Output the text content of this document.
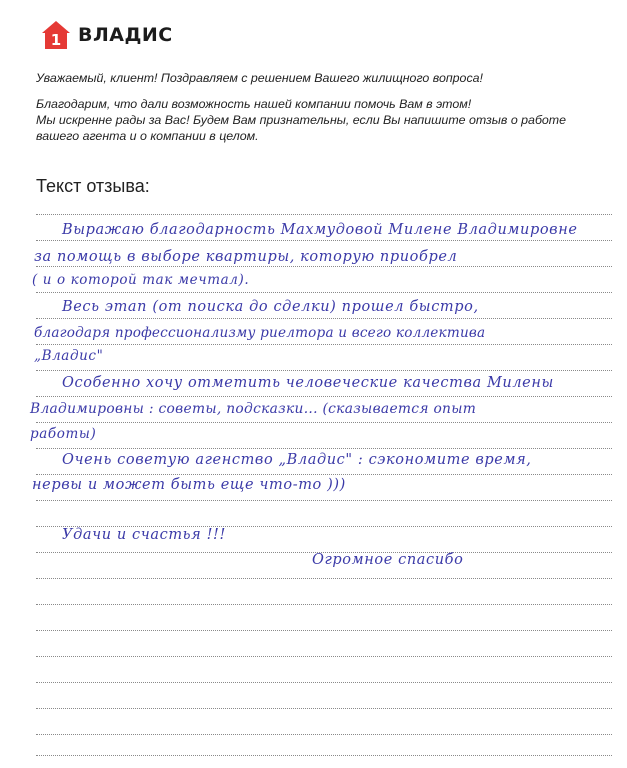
1 ВЛАДИС

Уважаемый, клиент! Поздравляем с решением Вашего жилищного вопроса!

Благодарим, что дали возможность нашей компании помочь Вам в этом!

Мы искренне рады за Вас! Будем Вам признательны, если Вы напишите отзыв о работе

вашего агента и о компании в целом.

Текст отзыва:
Выражаю благодарность Махмудовой Милене Владимировне
за помощь в выборе квартиры, которую приобрел
( и о которой так мечтал).
Весь этап (от поиска до сделки) прошел быстро,
благодаря профессионализму риелтора и всего коллектива
„Владис"
Особенно хочу отметить человеческие качества Милены
Владимировны : советы, подсказки... (сказывается опыт
работы)
Очень советую агенство „Владис" : сэкономите время,
нервы и может быть еще что-то )))
Удачи и счастья !!!
Огромное спасибо
